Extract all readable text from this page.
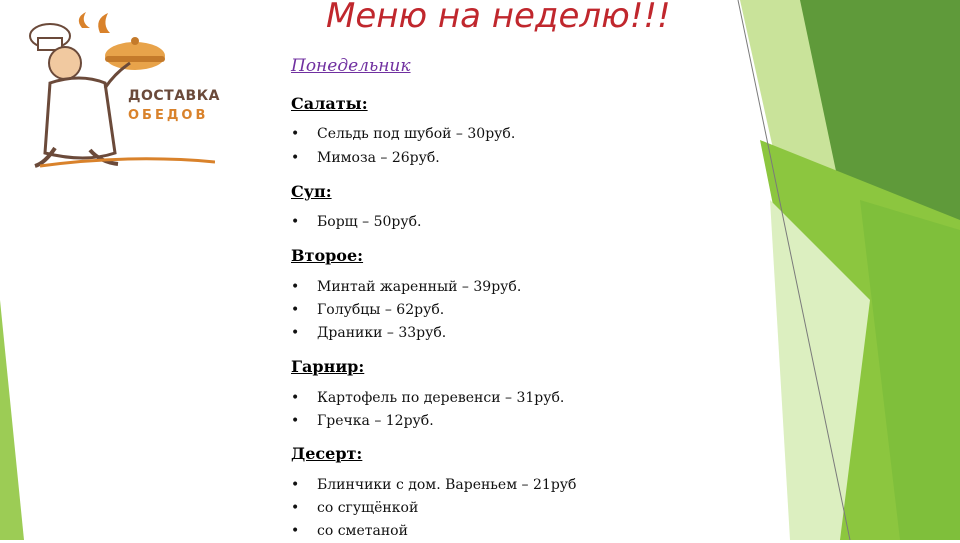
ДОСТАВКА
ОБЕДОВ
Меню на неделю!!!
Понедельник
Салаты:
• Сельдь под шубой – 30руб.
• Мимоза – 26руб.
Суп:
• Борщ – 50руб.
Второе:
• Минтай жаренный – 39руб.
• Голубцы – 62руб.
• Драники – 33руб.
Гарнир:
• Картофель по деревенси – 31руб.
• Гречка – 12руб.
Десерт:
• Блинчики с дом. Вареньем – 21руб
• со сгущёнкой
• со сметаной
